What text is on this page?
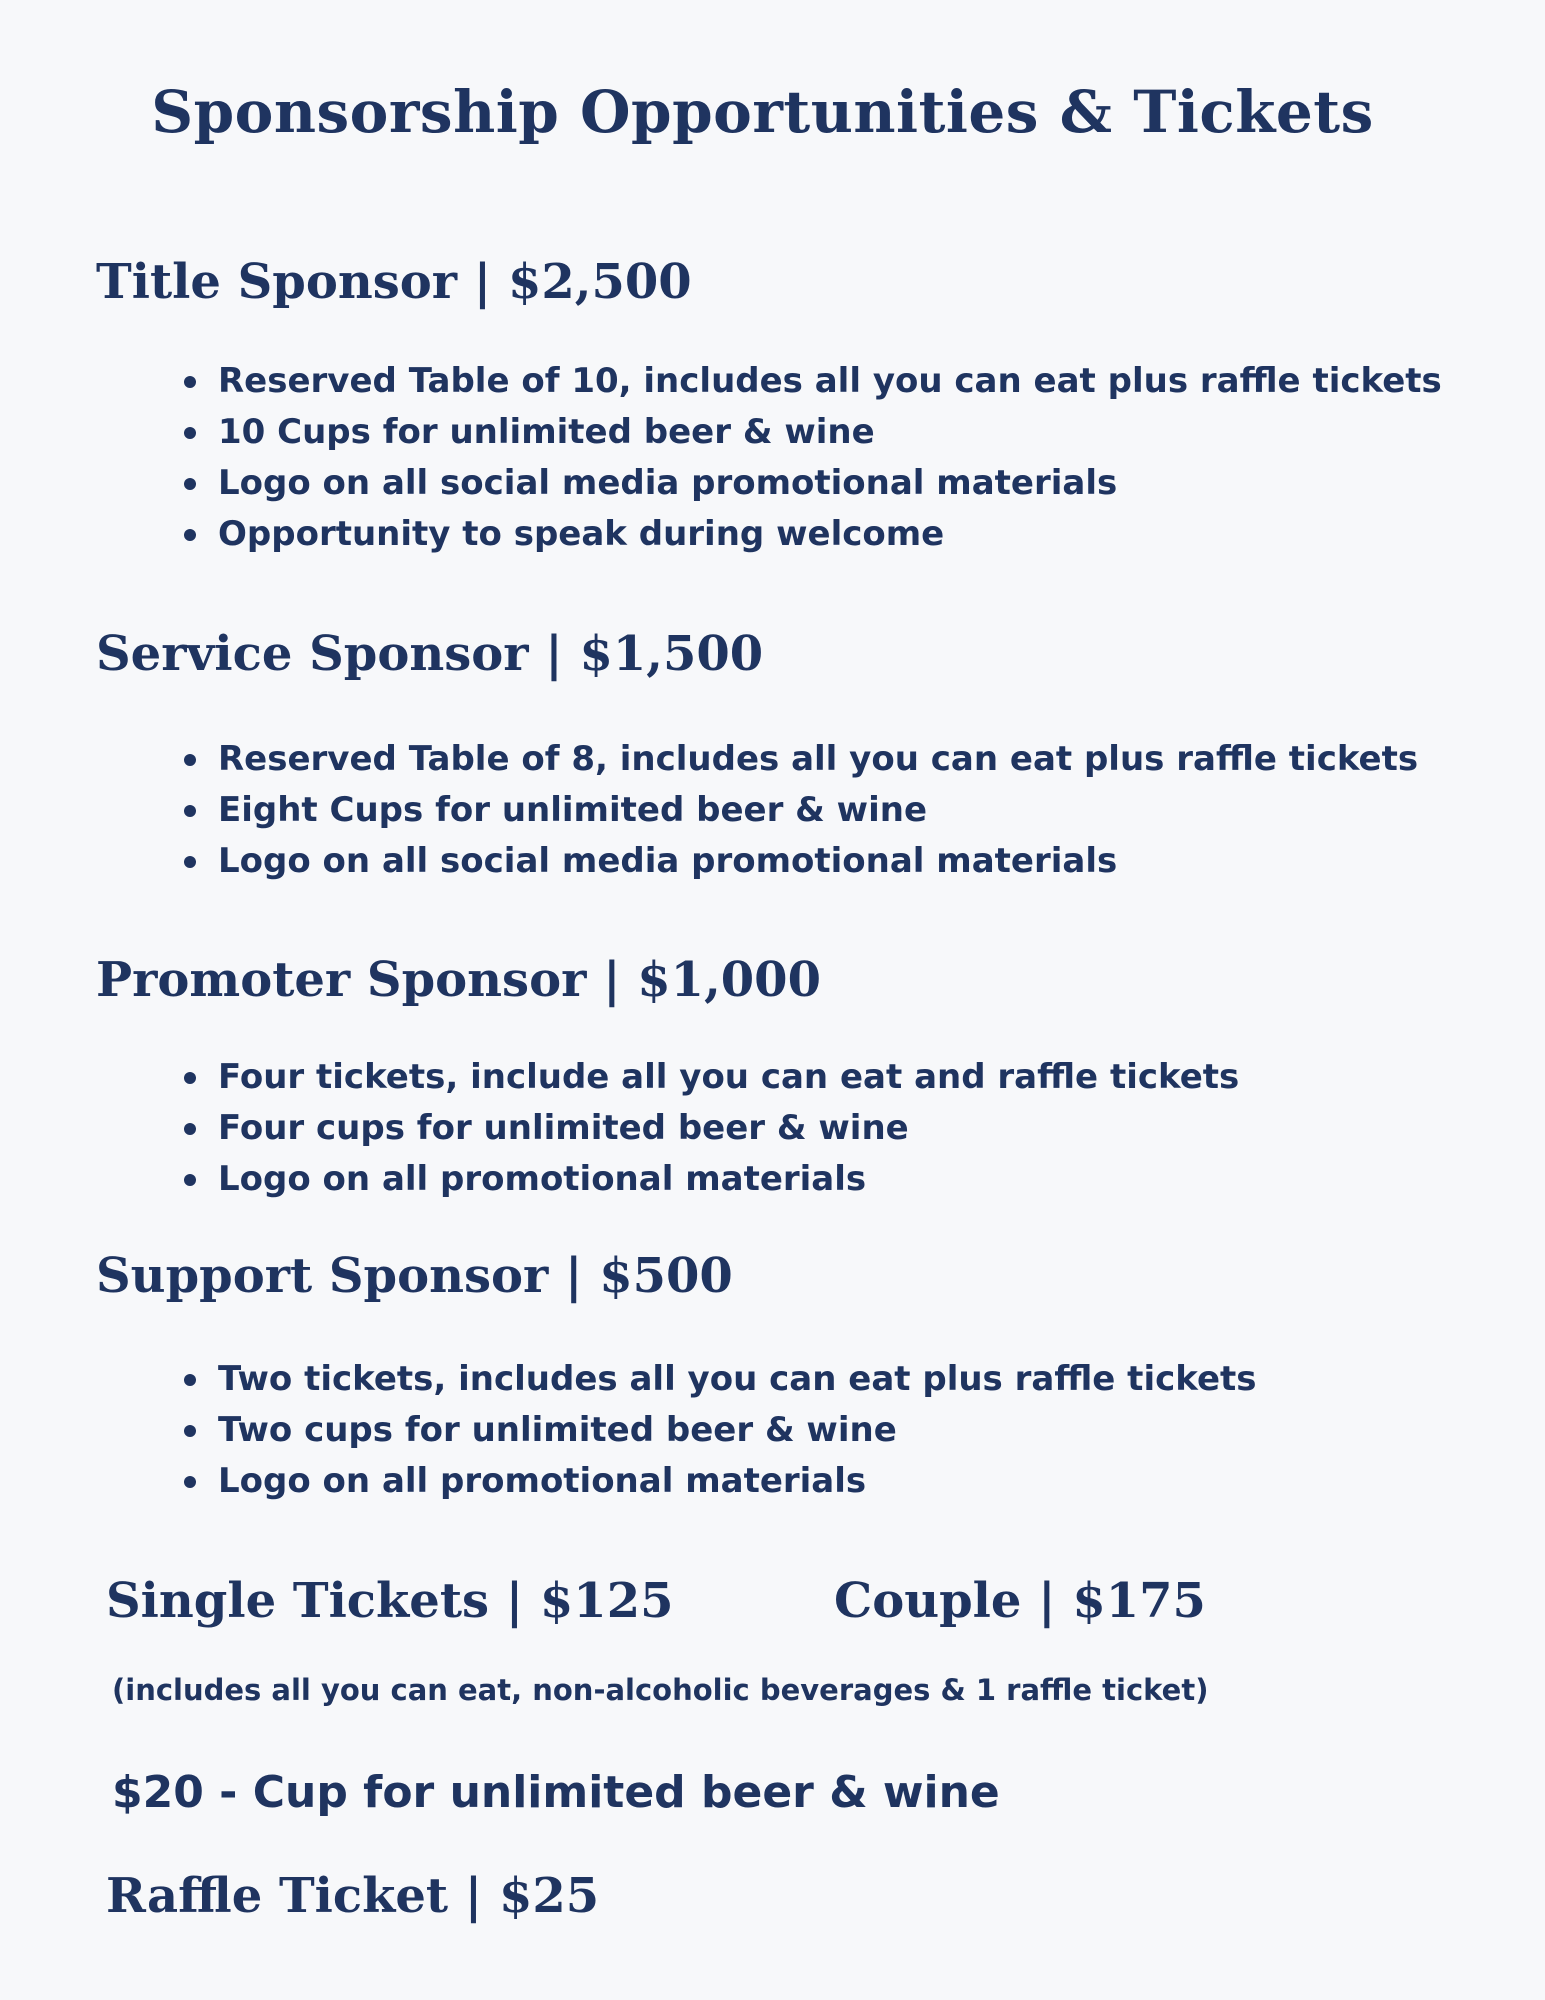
Sponsorship Opportunities & Tickets
Title Sponsor | $2,500
Reserved Table of 10, includes all you can eat plus raffle tickets
10 Cups for unlimited beer & wine
Logo on all social media promotional materials
Opportunity to speak during welcome
Service Sponsor | $1,500
Reserved Table of 8, includes all you can eat plus raffle tickets
Eight Cups for unlimited beer & wine
Logo on all social media promotional materials
Promoter Sponsor | $1,000
Four tickets, include all you can eat and raffle tickets
Four cups for unlimited beer & wine
Logo on all promotional materials
Support Sponsor | $500
Two tickets, includes all you can eat plus raffle tickets
Two cups for unlimited beer & wine
Logo on all promotional materials
Single Tickets | $125	Couple | $175

(includes all you can eat, non-alcoholic beverages & 1 raffle ticket)

$20 - Cup for unlimited beer & wine

Raffle Ticket | $25
